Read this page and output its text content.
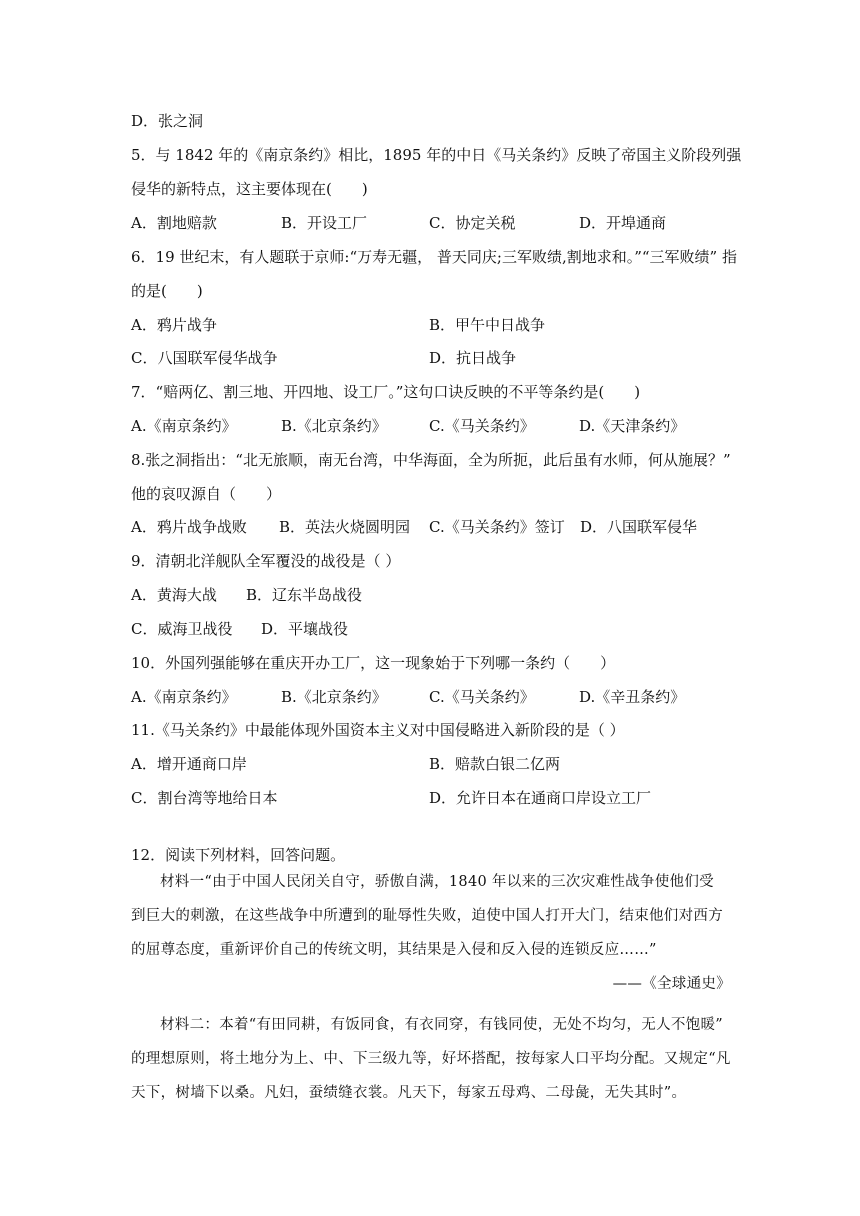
D．张之洞
5．与 1842 年的《南京条约》相比，1895 年的中日《马关条约》反映了帝国主义阶段列强
侵华的新特点，这主要体现在(　　)
A．割地赔款	B．开设工厂	C．协定关税	D．开埠通商
6．19 世纪末，有人题联于京师:“万寿无疆， 普天同庆;三军败绩,割地求和。”“三军败绩” 指
的是(　　)
A．鸦片战争	B．甲午中日战争
C．八国联军侵华战争	D．抗日战争
7．“赔两亿、割三地、开四地、设工厂。”这句口诀反映的不平等条约是(　　)
A.《南京条约》	B.《北京条约》	C.《马关条约》	D.《天津条约》
8.张之洞指出：“北无旅顺，南无台湾，中华海面，全为所扼，此后虽有水师，何从施展？”
他的哀叹源自（　　）
A．鸦片战争战败 B．英法火烧圆明园 C.《马关条约》签订 D．八国联军侵华
9．清朝北洋舰队全军覆没的战役是（ ）
A．黄海大战 B．辽东半岛战役
C．威海卫战役 D．平壤战役
10．外国列强能够在重庆开办工厂，这一现象始于下列哪一条约（　　）
A.《南京条约》	B.《北京条约》	C.《马关条约》	D.《辛丑条约》
11.《马关条约》中最能体现外国资本主义对中国侵略进入新阶段的是（ ）
A．增开通商口岸	B．赔款白银二亿两
C．割台湾等地给日本	D．允许日本在通商口岸设立工厂
12．阅读下列材料，回答问题。
材料一“由于中国人民闭关自守，骄傲自满，1840 年以来的三次灾难性战争使他们受
到巨大的刺激，在这些战争中所遭到的耻辱性失败，迫使中国人打开大门，结束他们对西方
的屈尊态度，重新评价自己的传统文明，其结果是入侵和反入侵的连锁反应……”
——《全球通史》
材料二：本着“有田同耕，有饭同食，有衣同穿，有钱同使，无处不均匀，无人不饱暖”
的理想原则，将土地分为上、中、下三级九等，好坏搭配，按每家人口平均分配。又规定“凡
天下，树墙下以桑。凡妇，蚕绩缝衣裳。凡天下，每家五母鸡、二母彘，无失其时”。
